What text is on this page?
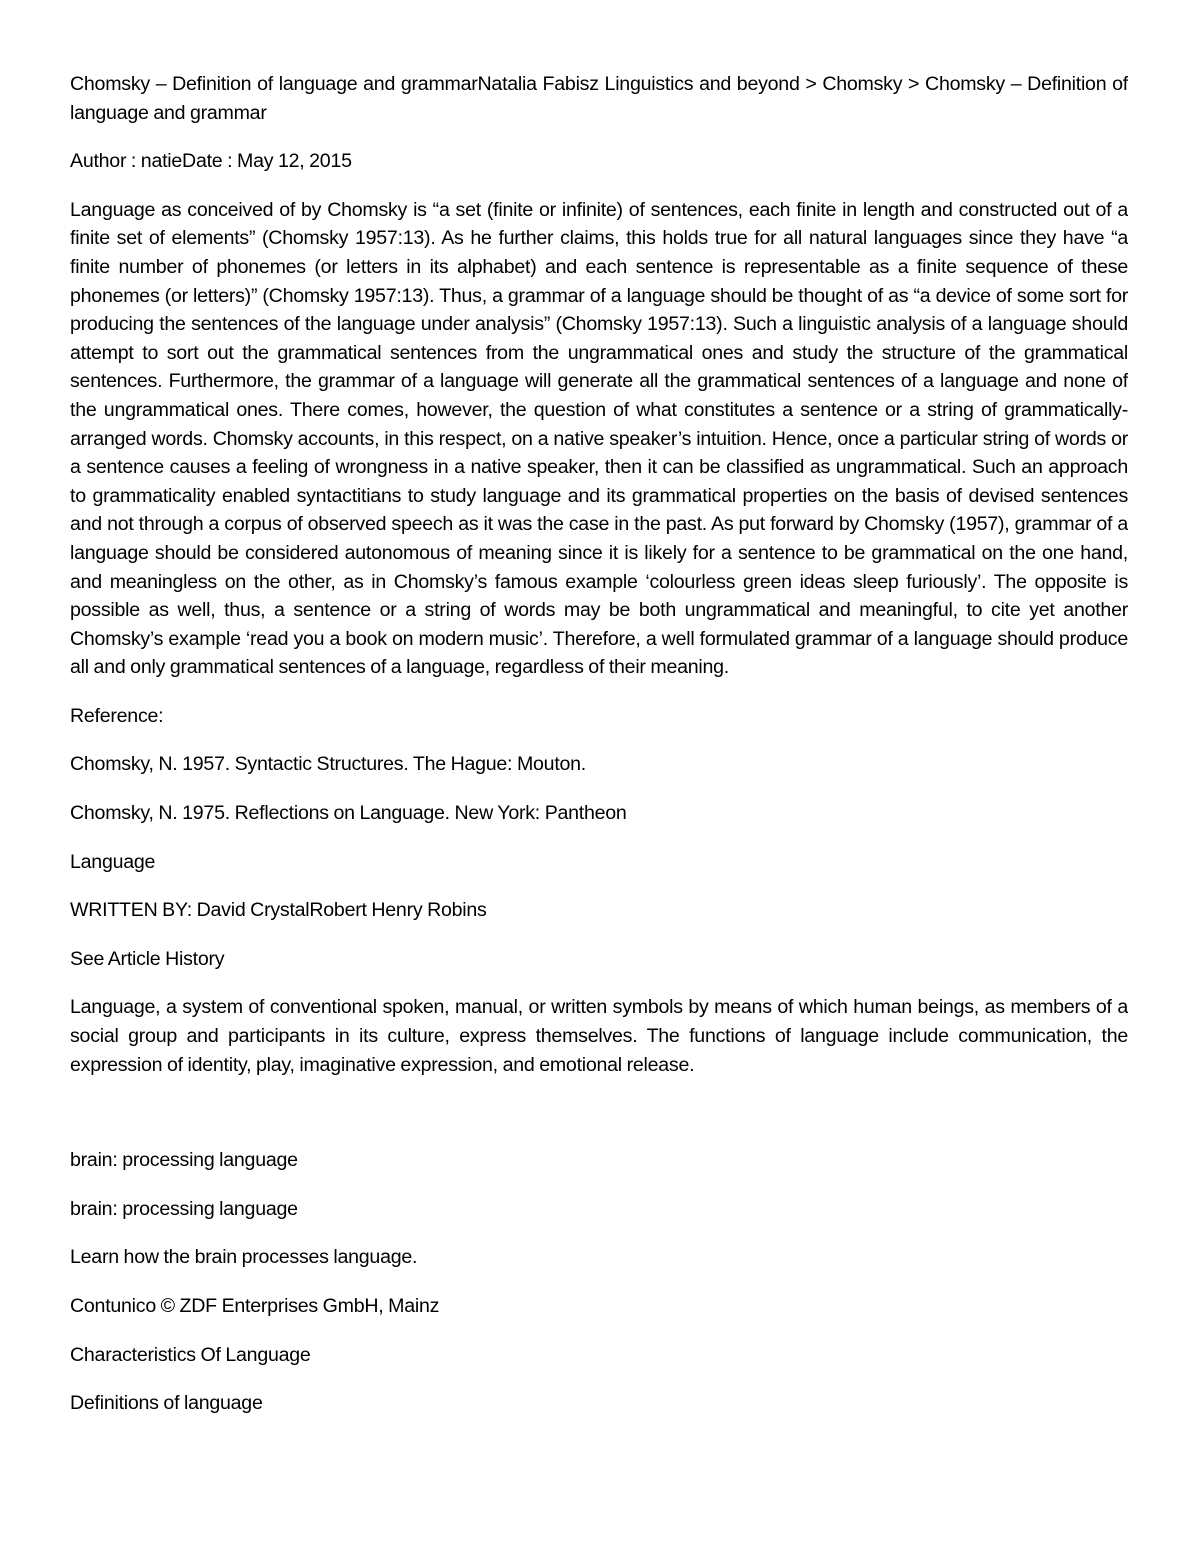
Chomsky – Definition of language and grammarNatalia Fabisz Linguistics and beyond > Chomsky > Chomsky – Definition of language and grammar

Author : natieDate : May 12, 2015

Language as conceived of by Chomsky is “a set (finite or infinite) of sentences, each finite in length and constructed out of a finite set of elements” (Chomsky 1957:13). As he further claims, this holds true for all natural languages since they have “a finite number of phonemes (or letters in its alphabet) and each sentence is representable as a finite sequence of these phonemes (or letters)” (Chomsky 1957:13). Thus, a grammar of a language should be thought of as “a device of some sort for producing the sentences of the language under analysis” (Chomsky 1957:13). Such a linguistic analysis of a language should attempt to sort out the grammatical sentences from the ungrammatical ones and study the structure of the grammatical sentences. Furthermore, the grammar of a language will generate all the grammatical sentences of a language and none of the ungrammatical ones. There comes, however, the question of what constitutes a sentence or a string of grammatically-arranged words. Chomsky accounts, in this respect, on a native speaker’s intuition. Hence, once a particular string of words or a sentence causes a feeling of wrongness in a native speaker, then it can be classified as ungrammatical. Such an approach to grammaticality enabled syntactitians to study language and its grammatical properties on the basis of devised sentences and not through a corpus of observed speech as it was the case in the past. As put forward by Chomsky (1957), grammar of a language should be considered autonomous of meaning since it is likely for a sentence to be grammatical on the one hand, and meaningless on the other, as in Chomsky’s famous example ‘colourless green ideas sleep furiously’. The opposite is possible as well, thus, a sentence or a string of words may be both ungrammatical and meaningful, to cite yet another Chomsky’s example ‘read you a book on modern music’. Therefore, a well formulated grammar of a language should produce all and only grammatical sentences of a language, regardless of their meaning.

Reference:

Chomsky, N. 1957. Syntactic Structures. The Hague: Mouton.

Chomsky, N. 1975. Reflections on Language. New York: Pantheon

Language

WRITTEN BY: David CrystalRobert Henry Robins

See Article History

Language, a system of conventional spoken, manual, or written symbols by means of which human beings, as members of a social group and participants in its culture, express themselves. The functions of language include communication, the expression of identity, play, imaginative expression, and emotional release.

brain: processing language

brain: processing language

Learn how the brain processes language.

Contunico © ZDF Enterprises GmbH, Mainz

Characteristics Of Language

Definitions of language
